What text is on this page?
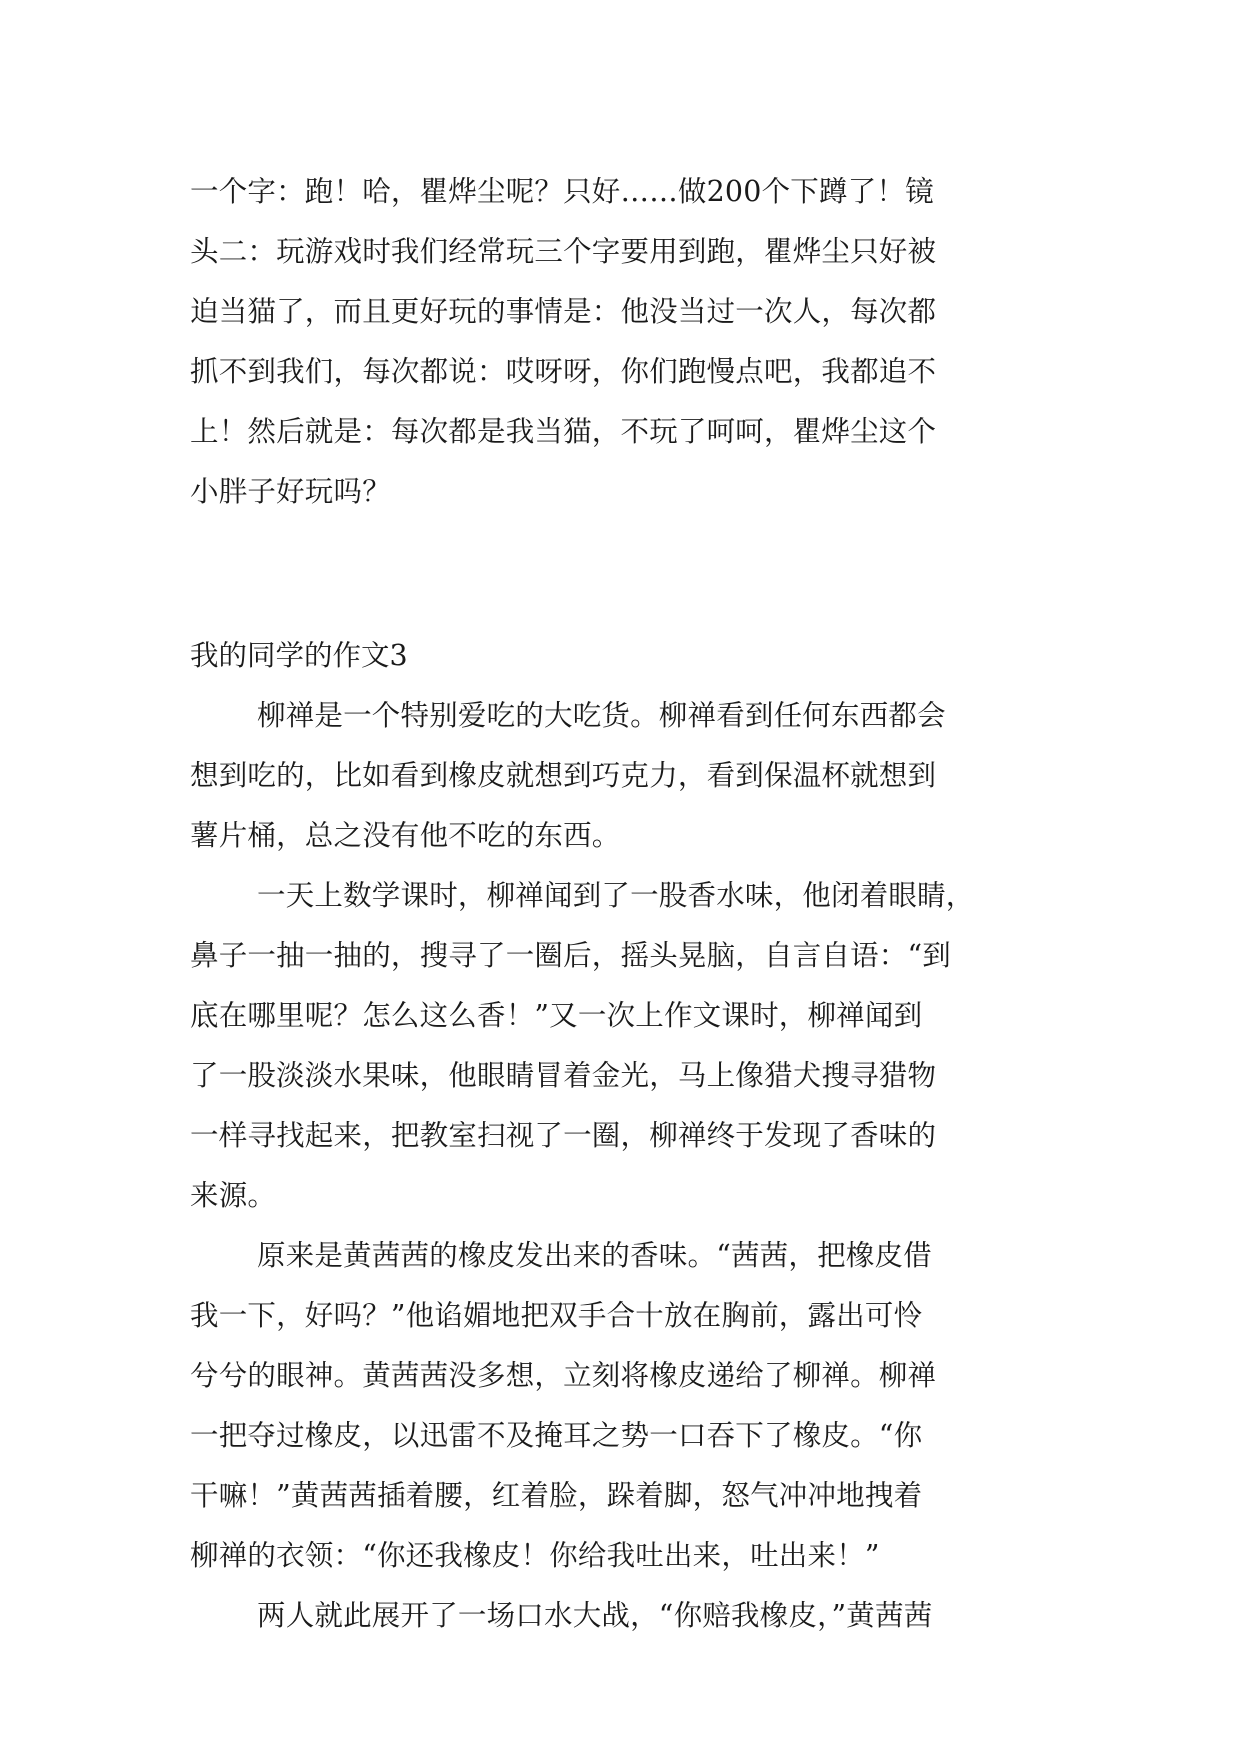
一个字：跑！哈，瞿烨尘呢？只好……做200个下蹲了！镜
头二：玩游戏时我们经常玩三个字要用到跑，瞿烨尘只好被
迫当猫了，而且更好玩的事情是：他没当过一次人，每次都
抓不到我们，每次都说：哎呀呀，你们跑慢点吧，我都追不
上！然后就是：每次都是我当猫，不玩了呵呵，瞿烨尘这个
小胖子好玩吗？
我的同学的作文3
柳禅是一个特别爱吃的大吃货。柳禅看到任何东西都会
想到吃的，比如看到橡皮就想到巧克力，看到保温杯就想到
薯片桶，总之没有他不吃的东西。
一天上数学课时，柳禅闻到了一股香水味，他闭着眼睛，
鼻子一抽一抽的，搜寻了一圈后，摇头晃脑，自言自语：“到
底在哪里呢？怎么这么香！”又一次上作文课时，柳禅闻到
了一股淡淡水果味，他眼睛冒着金光，马上像猎犬搜寻猎物
一样寻找起来，把教室扫视了一圈，柳禅终于发现了香味的
来源。
原来是黄茜茜的橡皮发出来的香味。“茜茜，把橡皮借
我一下，好吗？”他谄媚地把双手合十放在胸前，露出可怜
兮兮的眼神。黄茜茜没多想，立刻将橡皮递给了柳禅。柳禅
一把夺过橡皮，以迅雷不及掩耳之势一口吞下了橡皮。“你
干嘛！”黄茜茜插着腰，红着脸，跺着脚，怒气冲冲地拽着
柳禅的衣领：“你还我橡皮！你给我吐出来，吐出来！”
两人就此展开了一场口水大战，“你赔我橡皮，”黄茜茜
